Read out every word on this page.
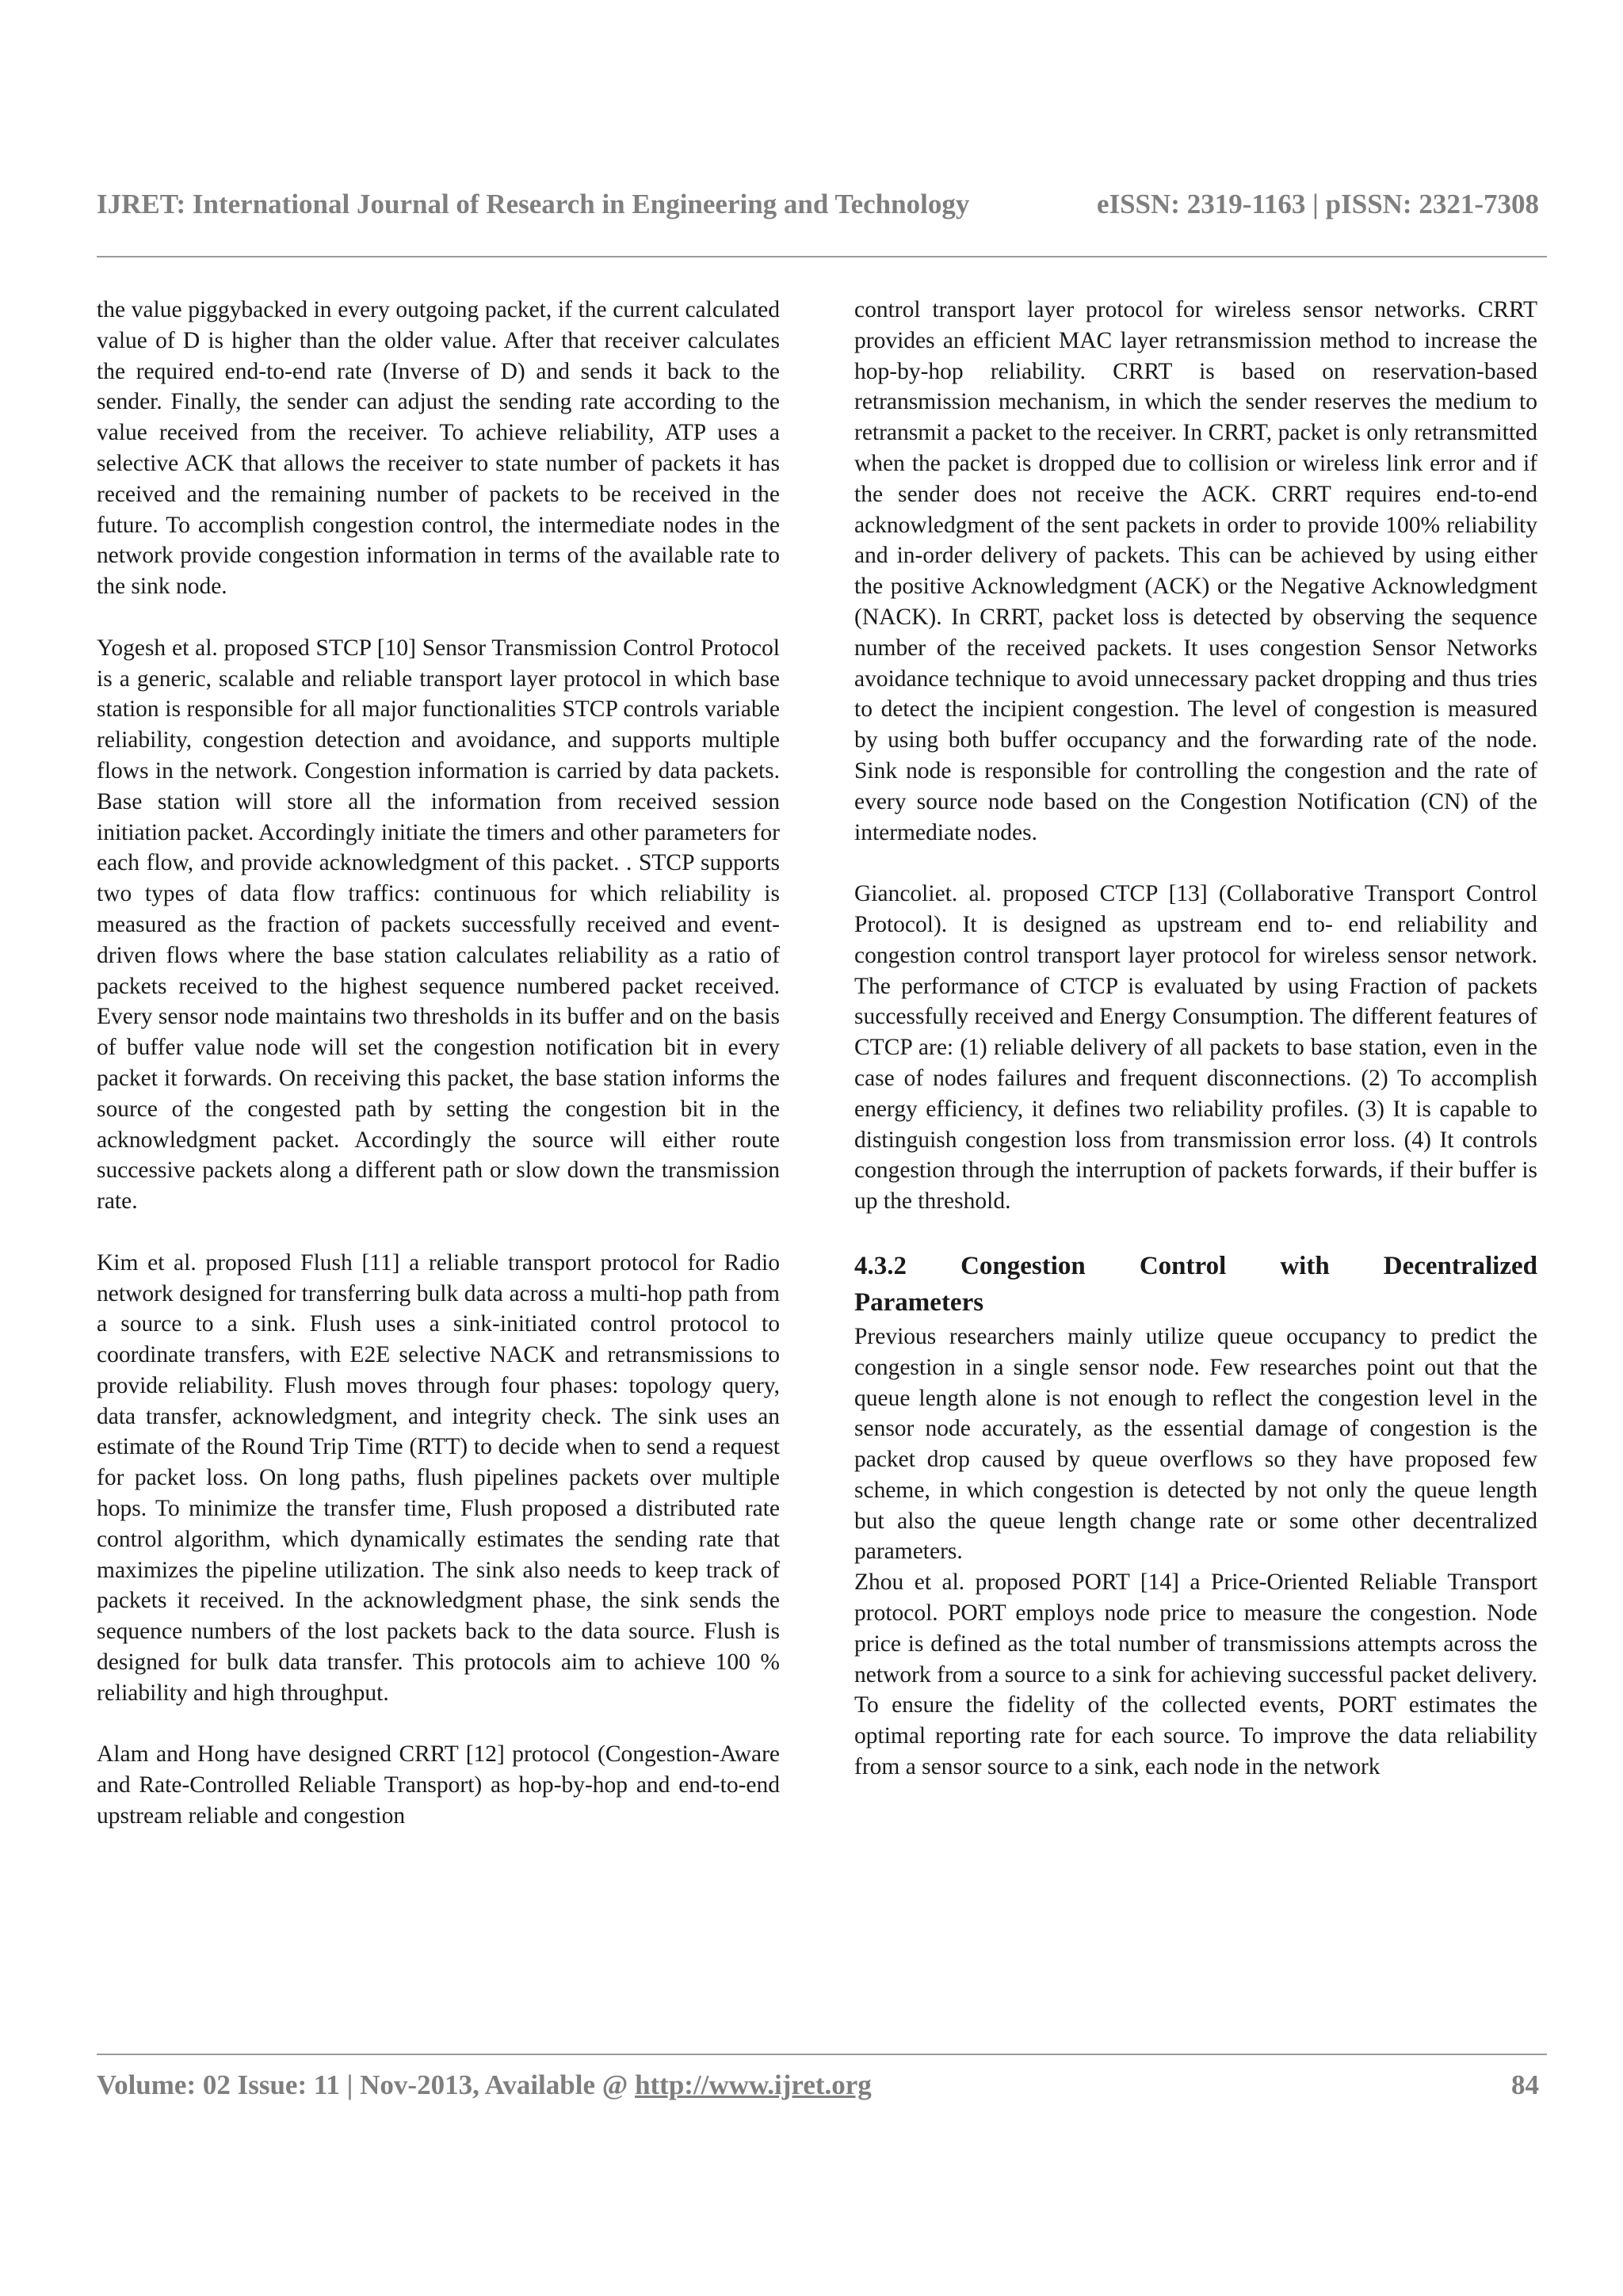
IJRET: International Journal of Research in Engineering and Technology	eISSN: 2319-1163 | pISSN: 2321-7308

the value piggybacked in every outgoing packet, if the current calculated value of D is higher than the older value. After that receiver calculates the required end-to-end rate (Inverse of D) and sends it back to the sender. Finally, the sender can adjust the sending rate according to the value received from the receiver. To achieve reliability, ATP uses a selective ACK that allows the receiver to state number of packets it has received and the remaining number of packets to be received in the future. To accomplish congestion control, the intermediate nodes in the network provide congestion information in terms of the available rate to the sink node.

Yogesh et al. proposed STCP [10] Sensor Transmission Control Protocol is a generic, scalable and reliable transport layer protocol in which base station is responsible for all major functionalities STCP controls variable reliability, congestion detection and avoidance, and supports multiple flows in the network. Congestion information is carried by data packets. Base station will store all the information from received session initiation packet. Accordingly initiate the timers and other parameters for each flow, and provide acknowledgment of this packet. . STCP supports two types of data flow traffics: continuous for which reliability is measured as the fraction of packets successfully received and event-driven flows where the base station calculates reliability as a ratio of packets received to the highest sequence numbered packet received. Every sensor node maintains two thresholds in its buffer and on the basis of buffer value node will set the congestion notification bit in every packet it forwards. On receiving this packet, the base station informs the source of the congested path by setting the congestion bit in the acknowledgment packet. Accordingly the source will either route successive packets along a different path or slow down the transmission rate.

Kim et al. proposed Flush [11] a reliable transport protocol for Radio network designed for transferring bulk data across a multi-hop path from a source to a sink. Flush uses a sink-initiated control protocol to coordinate transfers, with E2E selective NACK and retransmissions to provide reliability. Flush moves through four phases: topology query, data transfer, acknowledgment, and integrity check. The sink uses an estimate of the Round Trip Time (RTT) to decide when to send a request for packet loss. On long paths, flush pipelines packets over multiple hops. To minimize the transfer time, Flush proposed a distributed rate control algorithm, which dynamically estimates the sending rate that maximizes the pipeline utilization. The sink also needs to keep track of packets it received. In the acknowledgment phase, the sink sends the sequence numbers of the lost packets back to the data source. Flush is designed for bulk data transfer. This protocols aim to achieve 100 % reliability and high throughput.

Alam and Hong have designed CRRT [12] protocol (Congestion-Aware and Rate-Controlled Reliable Transport) as hop-by-hop and end-to-end upstream reliable and congestion

control transport layer protocol for wireless sensor networks. CRRT provides an efficient MAC layer retransmission method to increase the hop-by-hop reliability. CRRT is based on reservation-based retransmission mechanism, in which the sender reserves the medium to retransmit a packet to the receiver. In CRRT, packet is only retransmitted when the packet is dropped due to collision or wireless link error and if the sender does not receive the ACK. CRRT requires end-to-end acknowledgment of the sent packets in order to provide 100% reliability and in-order delivery of packets. This can be achieved by using either the positive Acknowledgment (ACK) or the Negative Acknowledgment (NACK). In CRRT, packet loss is detected by observing the sequence number of the received packets. It uses congestion Sensor Networks avoidance technique to avoid unnecessary packet dropping and thus tries to detect the incipient congestion. The level of congestion is measured by using both buffer occupancy and the forwarding rate of the node. Sink node is responsible for controlling the congestion and the rate of every source node based on the Congestion Notification (CN) of the intermediate nodes.

Giancoliet. al. proposed CTCP [13] (Collaborative Transport Control Protocol). It is designed as upstream end to- end reliability and congestion control transport layer protocol for wireless sensor network. The performance of CTCP is evaluated by using Fraction of packets successfully received and Energy Consumption. The different features of CTCP are: (1) reliable delivery of all packets to base station, even in the case of nodes failures and frequent disconnections. (2) To accomplish energy efficiency, it defines two reliability profiles. (3) It is capable to distinguish congestion loss from transmission error loss. (4) It controls congestion through the interruption of packets forwards, if their buffer is up the threshold.

4.3.2 Congestion Control with Decentralized
Parameters

Previous researchers mainly utilize queue occupancy to predict the congestion in a single sensor node. Few researches point out that the queue length alone is not enough to reflect the congestion level in the sensor node accurately, as the essential damage of congestion is the packet drop caused by queue overflows so they have proposed few scheme, in which congestion is detected by not only the queue length but also the queue length change rate or some other decentralized parameters.

Zhou et al. proposed PORT [14] a Price-Oriented Reliable Transport protocol. PORT employs node price to measure the congestion. Node price is defined as the total number of transmissions attempts across the network from a source to a sink for achieving successful packet delivery. To ensure the fidelity of the collected events, PORT estimates the optimal reporting rate for each source. To improve the data reliability from a sensor source to a sink, each node in the network

Volume: 02 Issue: 11 | Nov-2013, Available @ http://www.ijret.org	84
